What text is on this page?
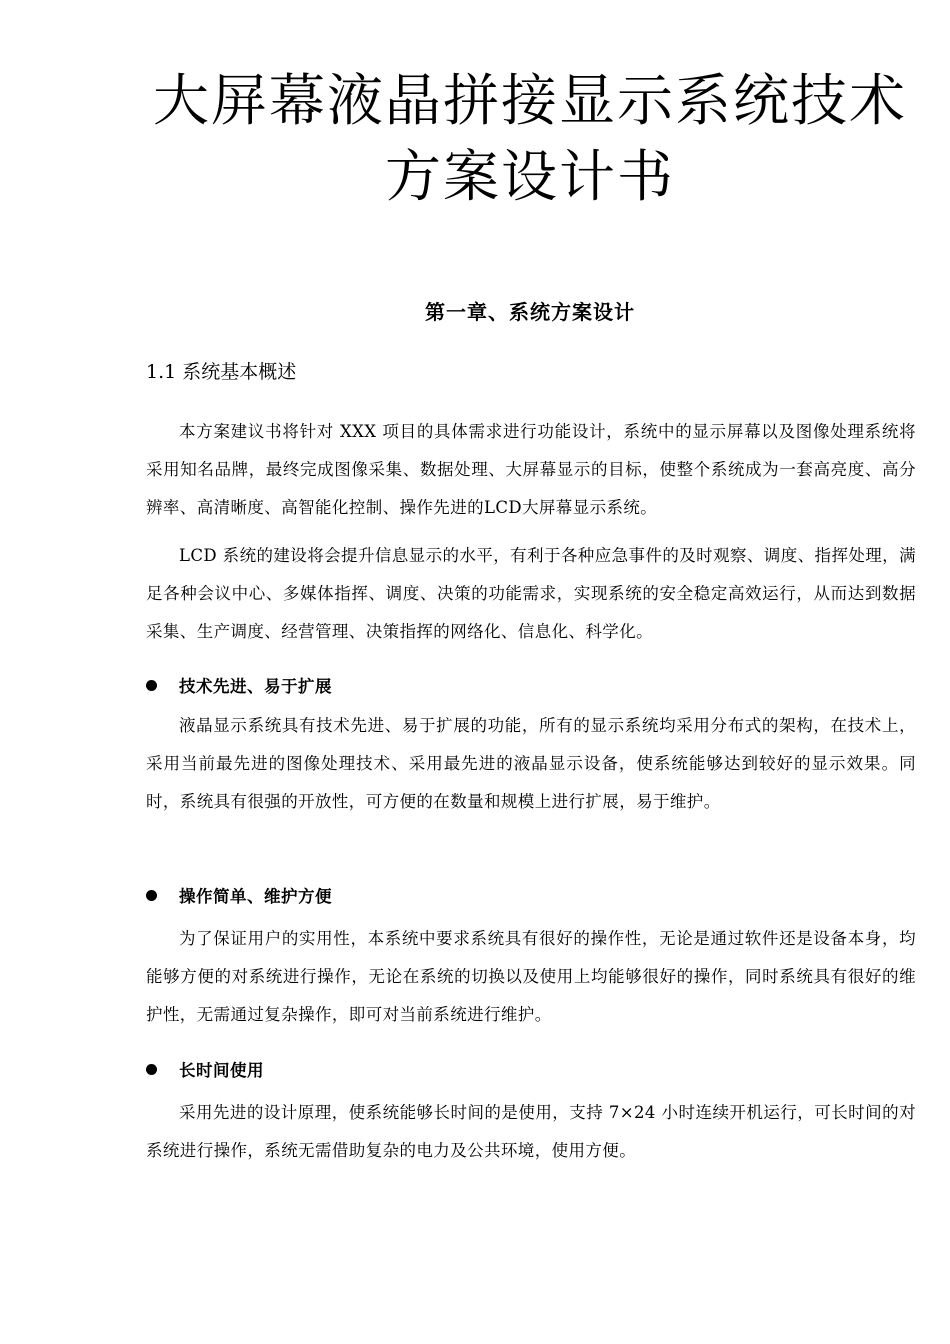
大屏幕液晶拼接显示系统技术
方案设计书
第一章、系统方案设计
1.1 系统基本概述

本方案建议书将针对 XXX 项目的具体需求进行功能设计，系统中的显示屏幕以及图像处理系统将采用知名品牌，最终完成图像采集、数据处理、大屏幕显示的目标，使整个系统成为一套高亮度、高分辨率、高清晰度、高智能化控制、操作先进的LCD大屏幕显示系统。

LCD 系统的建设将会提升信息显示的水平，有利于各种应急事件的及时观察、调度、指挥处理，满足各种会议中心、多媒体指挥、调度、决策的功能需求，实现系统的安全稳定高效运行，从而达到数据采集、生产调度、经营管理、决策指挥的网络化、信息化、科学化。

技术先进、易于扩展

液晶显示系统具有技术先进、易于扩展的功能，所有的显示系统均采用分布式的架构，在技术上，采用当前最先进的图像处理技术、采用最先进的液晶显示设备，使系统能够达到较好的显示效果。同时，系统具有很强的开放性，可方便的在数量和规模上进行扩展，易于维护。

操作简单、维护方便

为了保证用户的实用性，本系统中要求系统具有很好的操作性，无论是通过软件还是设备本身，均能够方便的对系统进行操作，无论在系统的切换以及使用上均能够很好的操作，同时系统具有很好的维护性，无需通过复杂操作，即可对当前系统进行维护。

长时间使用

采用先进的设计原理，使系统能够长时间的是使用，支持 7×24 小时连续开机运行，可长时间的对系统进行操作，系统无需借助复杂的电力及公共环境，使用方便。
